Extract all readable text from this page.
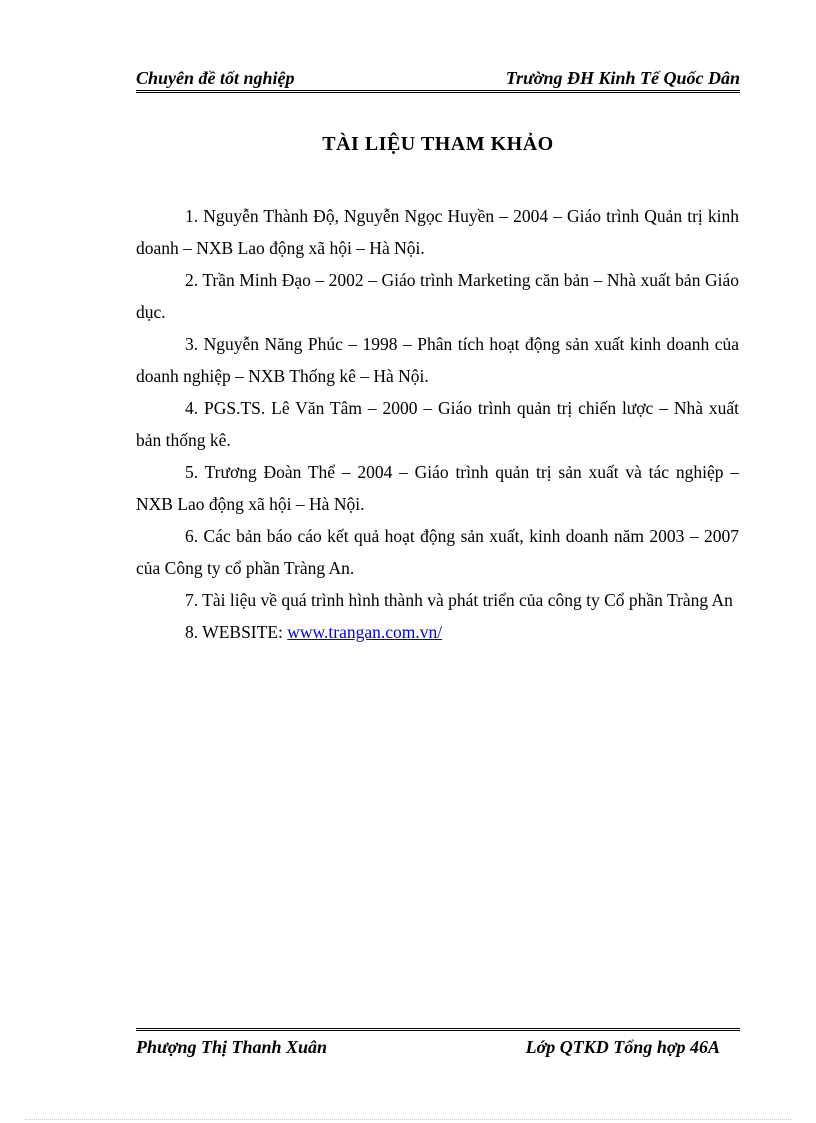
Chuyên đề tốt nghiệp	Trường ĐH Kinh Tế Quốc Dân
TÀI LIỆU THAM KHẢO

1. Nguyễn Thành Độ, Nguyễn Ngọc Huyền – 2004 – Giáo trình Quản trị kinh doanh – NXB Lao động xã hội – Hà Nội.

2. Trần Minh Đạo – 2002 – Giáo trình Marketing căn bản – Nhà xuất bản Giáo dục.

3. Nguyễn Năng Phúc – 1998 – Phân tích hoạt động sản xuất kinh doanh của doanh nghiệp – NXB Thống kê – Hà Nội.

4. PGS.TS. Lê Văn Tâm – 2000 – Giáo trình quản trị chiến lược – Nhà xuất bản thống kê.

5. Trương Đoàn Thể – 2004 – Giáo trình quản trị sản xuất và tác nghiệp – NXB Lao động xã hội – Hà Nội.

6. Các bản báo cáo kết quả hoạt động sản xuất, kinh doanh năm 2003 – 2007 của Công ty cổ phần Tràng An.

7. Tài liệu về quá trình hình thành và phát triển của công ty Cổ phần Tràng An

8. WEBSITE: www.trangan.com.vn/

Phượng Thị Thanh Xuân	Lớp QTKD Tổng hợp 46A
